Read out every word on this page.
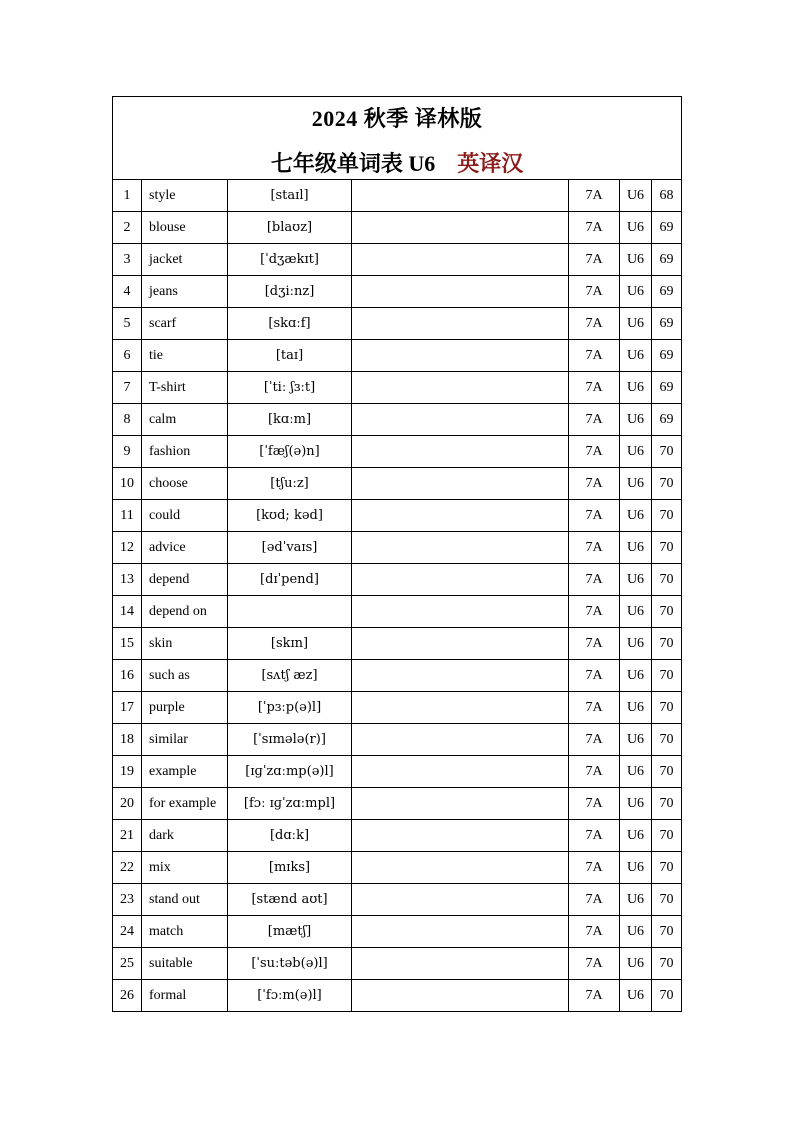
2024 秋季 译林版
七年级单词表 U6 英译汉						

1	style	[staɪl]		7A	U6	68
2	blouse	[blaʊz]		7A	U6	69
3	jacket	[ˈdʒækɪt]		7A	U6	69
4	jeans	[dʒiːnz]		7A	U6	69
5	scarf	[skɑːf]		7A	U6	69
6	tie	[taɪ]		7A	U6	69
7	T-shirt	[ˈtiː ʃɜːt]		7A	U6	69
8	calm	[kɑːm]		7A	U6	69
9	fashion	[ˈfæʃ(ə)n]		7A	U6	70
10	choose	[tʃuːz]		7A	U6	70
11	could	[kʊd; kəd]		7A	U6	70
12	advice	[ədˈvaɪs]		7A	U6	70
13	depend	[dɪˈpend]		7A	U6	70
14	depend on			7A	U6	70
15	skin	[skɪn]		7A	U6	70
16	such as	[sʌtʃ æz]		7A	U6	70
17	purple	[ˈpɜːp(ə)l]		7A	U6	70
18	similar	[ˈsɪmələ(r)]		7A	U6	70
19	example	[ɪɡˈzɑːmp(ə)l]		7A	U6	70
20	for example	[fɔː ɪɡˈzɑːmpl]		7A	U6	70
21	dark	[dɑːk]		7A	U6	70
22	mix	[mɪks]		7A	U6	70
23	stand out	[stænd aʊt]		7A	U6	70
24	match	[mætʃ]		7A	U6	70
25	suitable	[ˈsuːtəb(ə)l]		7A	U6	70
26	formal	[ˈfɔːm(ə)l]		7A	U6	70
